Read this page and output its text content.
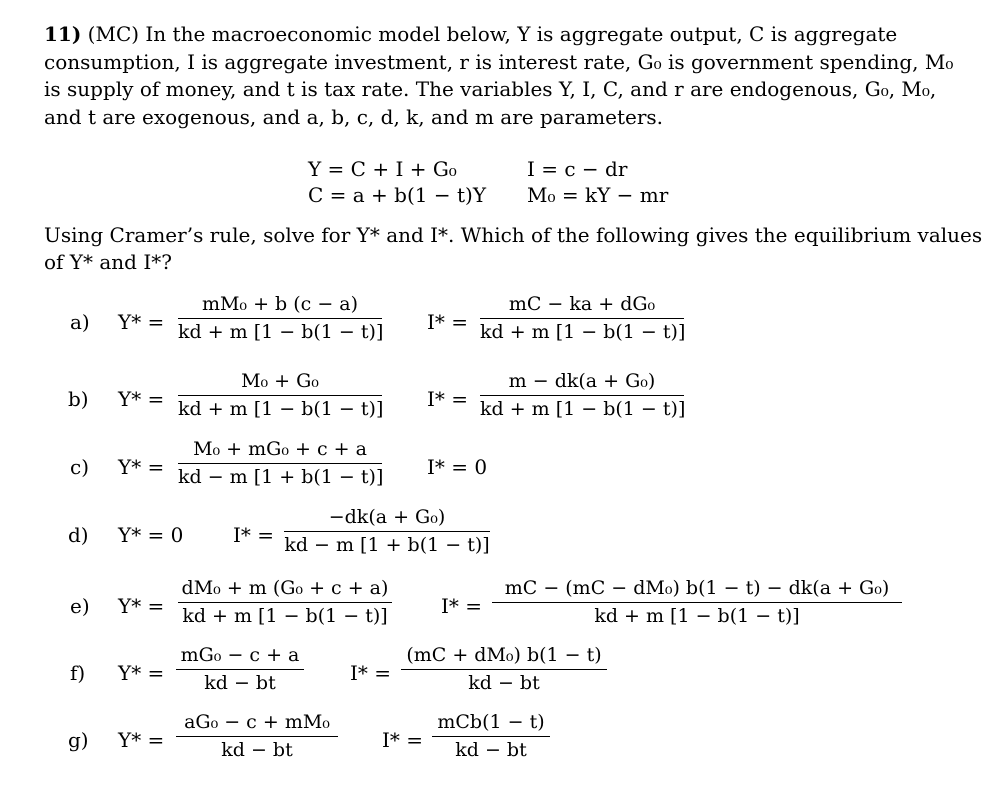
11) (MC) In the macroeconomic model below, Y is aggregate output, C is aggregate
consumption, I is aggregate investment, r is interest rate, G₀ is government spending, M₀
is supply of money, and t is tax rate. The variables Y, I, C, and r are endogenous, G₀, M₀,
and t are exogenous, and a, b, c, d, k, and m are parameters.
Y = C + I + G₀
C = a + b(1 − t)Y
I = c − dr
M₀ = kY − mr
Using Cramer’s rule, solve for Y* and I*. Which of the following gives the equilibrium values
of Y* and I*?
a) Y* =
mM₀ + b (c − a)
kd + m [1 − b(1 − t)] I* =
mC − ka + dG₀
kd + m [1 − b(1 − t)]
b) Y* =
M₀ + G₀
kd + m [1 − b(1 − t)] I* =
m − dk(a + G₀)
kd + m [1 − b(1 − t)]
c) Y* =
M₀ + mG₀ + c + a
kd − m [1 + b(1 − t)] I* = 0
d) Y* = 0 I* =
−dk(a + G₀)
kd − m [1 + b(1 − t)]
e) Y* =
dM₀ + m (G₀ + c + a)
kd + m [1 − b(1 − t)]	I* =
mC − (mC − dM₀) b(1 − t) − dk(a + G₀)
kd + m [1 − b(1 − t)]
f) Y* =
mG₀ − c + a
kd − bt	I* =
(mC + dM₀) b(1 − t)
kd − bt
g) Y* =
aG₀ − c + mM₀
kd − bt	I* =
mCb(1 − t)
kd − bt
